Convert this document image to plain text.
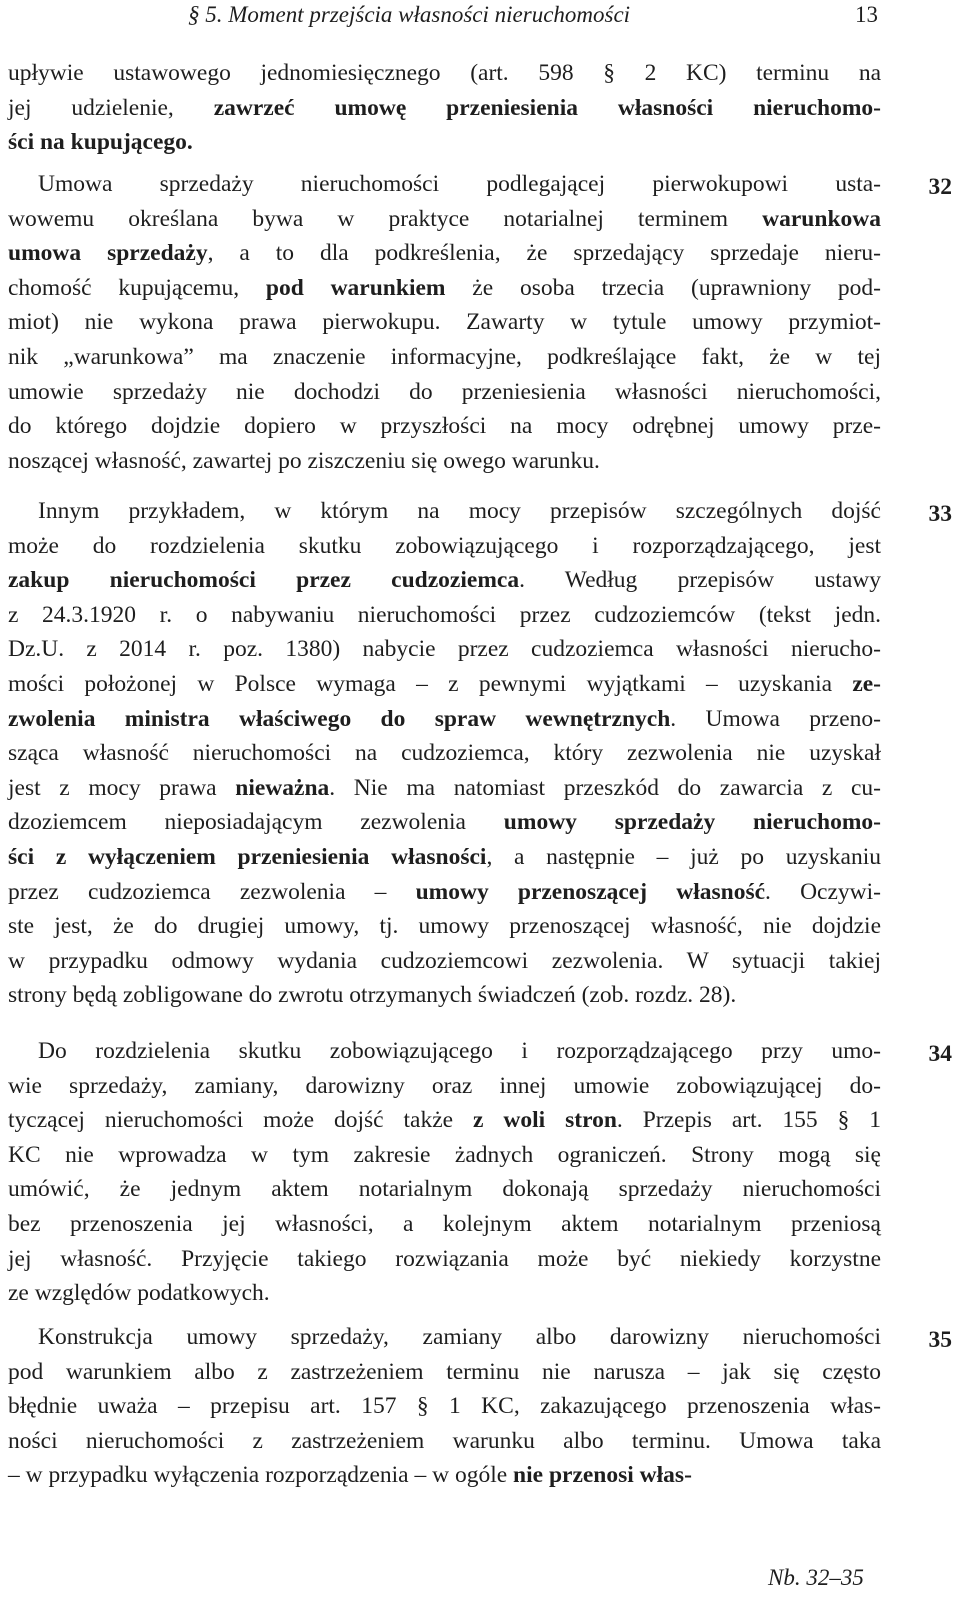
§ 5. Moment przejścia własności nieruchomości	13
upływie ustawowego jednomiesięcznego (art. 598 § 2 KC) terminu na
jej udzielenie, zawrzeć umowę przeniesienia własności nieruchomo-
ści na kupującego.
32
Umowa sprzedaży nieruchomości podlegającej pierwokupowi usta-
wowemu określana bywa w praktyce notarialnej terminem warunkowa
umowa sprzedaży, a to dla podkreślenia, że sprzedający sprzedaje nieru-
chomość kupującemu, pod warunkiem że osoba trzecia (uprawniony pod-
miot) nie wykona prawa pierwokupu. Zawarty w tytule umowy przymiot-
nik „warunkowa” ma znaczenie informacyjne, podkreślające fakt, że w tej
umowie sprzedaży nie dochodzi do przeniesienia własności nieruchomości,
do którego dojdzie dopiero w przyszłości na mocy odrębnej umowy prze-
noszącej własność, zawartej po ziszczeniu się owego warunku.
33
Innym przykładem, w którym na mocy przepisów szczególnych dojść
może do rozdzielenia skutku zobowiązującego i rozporządzającego, jest
zakup nieruchomości przez cudzoziemca. Według przepisów ustawy
z 24.3.1920 r. o nabywaniu nieruchomości przez cudzoziemców (tekst jedn.
Dz.U. z 2014 r. poz. 1380) nabycie przez cudzoziemca własności nierucho-
mości położonej w Polsce wymaga – z pewnymi wyjątkami – uzyskania ze-
zwolenia ministra właściwego do spraw wewnętrznych. Umowa przeno-
sząca własność nieruchomości na cudzoziemca, który zezwolenia nie uzyskał
jest z mocy prawa nieważna. Nie ma natomiast przeszkód do zawarcia z cu-
dzoziemcem nieposiadającym zezwolenia umowy sprzedaży nieruchomo-
ści z wyłączeniem przeniesienia własności, a następnie – już po uzyskaniu
przez cudzoziemca zezwolenia – umowy przenoszącej własność. Oczywi-
ste jest, że do drugiej umowy, tj. umowy przenoszącej własność, nie dojdzie
w przypadku odmowy wydania cudzoziemcowi zezwolenia. W sytuacji takiej
strony będą zobligowane do zwrotu otrzymanych świadczeń (zob. rozdz. 28).
34
Do rozdzielenia skutku zobowiązującego i rozporządzającego przy umo-
wie sprzedaży, zamiany, darowizny oraz innej umowie zobowiązującej do-
tyczącej nieruchomości może dojść także z woli stron. Przepis art. 155 § 1
KC nie wprowadza w tym zakresie żadnych ograniczeń. Strony mogą się
umówić, że jednym aktem notarialnym dokonają sprzedaży nieruchomości
bez przenoszenia jej własności, a kolejnym aktem notarialnym przeniosą
jej własność. Przyjęcie takiego rozwiązania może być niekiedy korzystne
ze względów podatkowych.
35
Konstrukcja umowy sprzedaży, zamiany albo darowizny nieruchomości
pod warunkiem albo z zastrzeżeniem terminu nie narusza – jak się często
błędnie uważa – przepisu art. 157 § 1 KC, zakazującego przenoszenia włas-
ności nieruchomości z zastrzeżeniem warunku albo terminu. Umowa taka
– w przypadku wyłączenia rozporządzenia – w ogóle nie przenosi włas-
Nb. 32–35
